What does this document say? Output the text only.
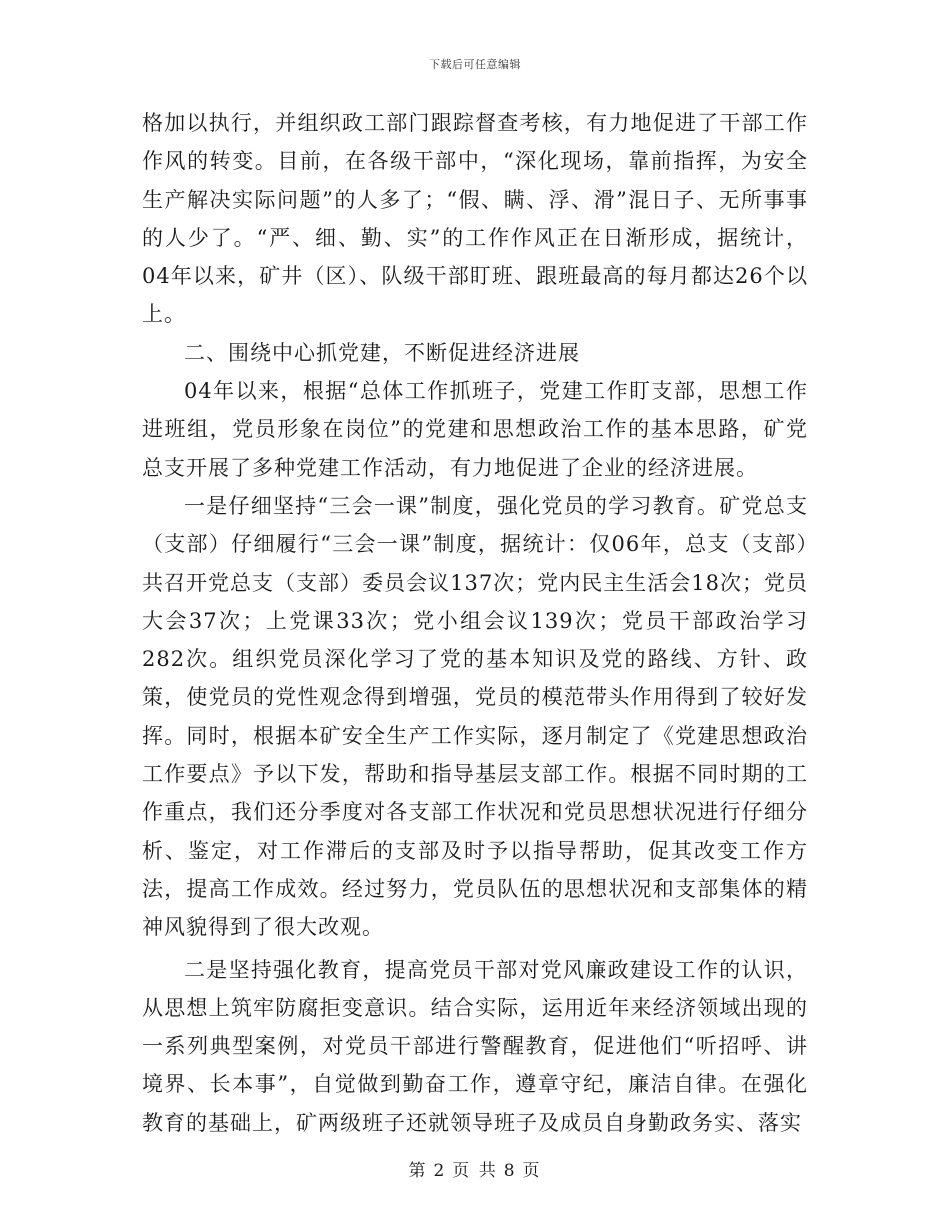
下载后可任意编辑

格加以执行，并组织政工部门跟踪督查考核，有力地促进了干部工作作风的转变。目前，在各级干部中，“深化现场，靠前指挥，为安全生产解决实际问题”的人多了；“假、瞒、浮、滑”混日子、无所事事的人少了。“严、细、勤、实”的工作作风正在日渐形成，据统计，04年以来，矿井（区）、队级干部盯班、跟班最高的每月都达26个以上。

二、围绕中心抓党建，不断促进经济进展

04年以来，根据“总体工作抓班子，党建工作盯支部，思想工作进班组，党员形象在岗位”的党建和思想政治工作的基本思路，矿党总支开展了多种党建工作活动，有力地促进了企业的经济进展。

一是仔细坚持“三会一课”制度，强化党员的学习教育。矿党总支（支部）仔细履行“三会一课”制度，据统计：仅06年，总支（支部）共召开党总支（支部）委员会议137次；党内民主生活会18次；党员大会37次；上党课33次；党小组会议139次；党员干部政治学习282次。组织党员深化学习了党的基本知识及党的路线、方针、政策，使党员的党性观念得到增强，党员的模范带头作用得到了较好发挥。同时，根据本矿安全生产工作实际，逐月制定了《党建思想政治工作要点》予以下发，帮助和指导基层支部工作。根据不同时期的工作重点，我们还分季度对各支部工作状况和党员思想状况进行仔细分析、鉴定，对工作滞后的支部及时予以指导帮助，促其改变工作方法，提高工作成效。经过努力，党员队伍的思想状况和支部集体的精神风貌得到了很大改观。

二是坚持强化教育，提高党员干部对党风廉政建设工作的认识，从思想上筑牢防腐拒变意识。结合实际，运用近年来经济领域出现的一系列典型案例，对党员干部进行警醒教育，促进他们“听招呼、讲境界、长本事”，自觉做到勤奋工作，遵章守纪，廉洁自律。在强化教育的基础上，矿两级班子还就领导班子及成员自身勤政务实、落实

第 2 页 共 8 页
